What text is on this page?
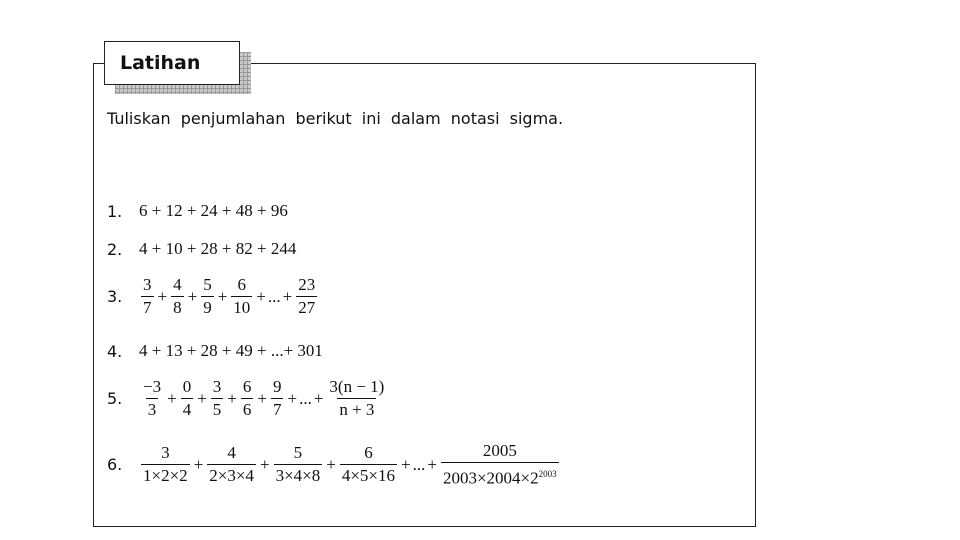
Latihan
Tuliskan penjumlahan berikut ini dalam notasi sigma.
1. 6 + 12 + 24 + 48 + 96
2. 4 + 10 + 28 + 82 + 244
3. $\frac{3}{7} + \frac{4}{8} + \frac{5}{9} + \frac{6}{10}$ + ... + $\frac{23}{27}$
4. 4 + 13 + 28 + 49 + ...+ 301
5. $\frac{-3}{3} + \frac{0}{4} + \frac{3}{5} + \frac{6}{6} + \frac{9}{7}$ + ... + $\frac{3(n - 1)}{n + 3}$
6. $\frac{3}{1\times 2\times 2} + \frac{4}{2\times 3\times 4} + \frac{5}{3\times 4\times 8} + \frac{6}{4\times 5\times 16}$ + ... + $\frac{2005}{2003\times 2004\times 2^{2003}}$
